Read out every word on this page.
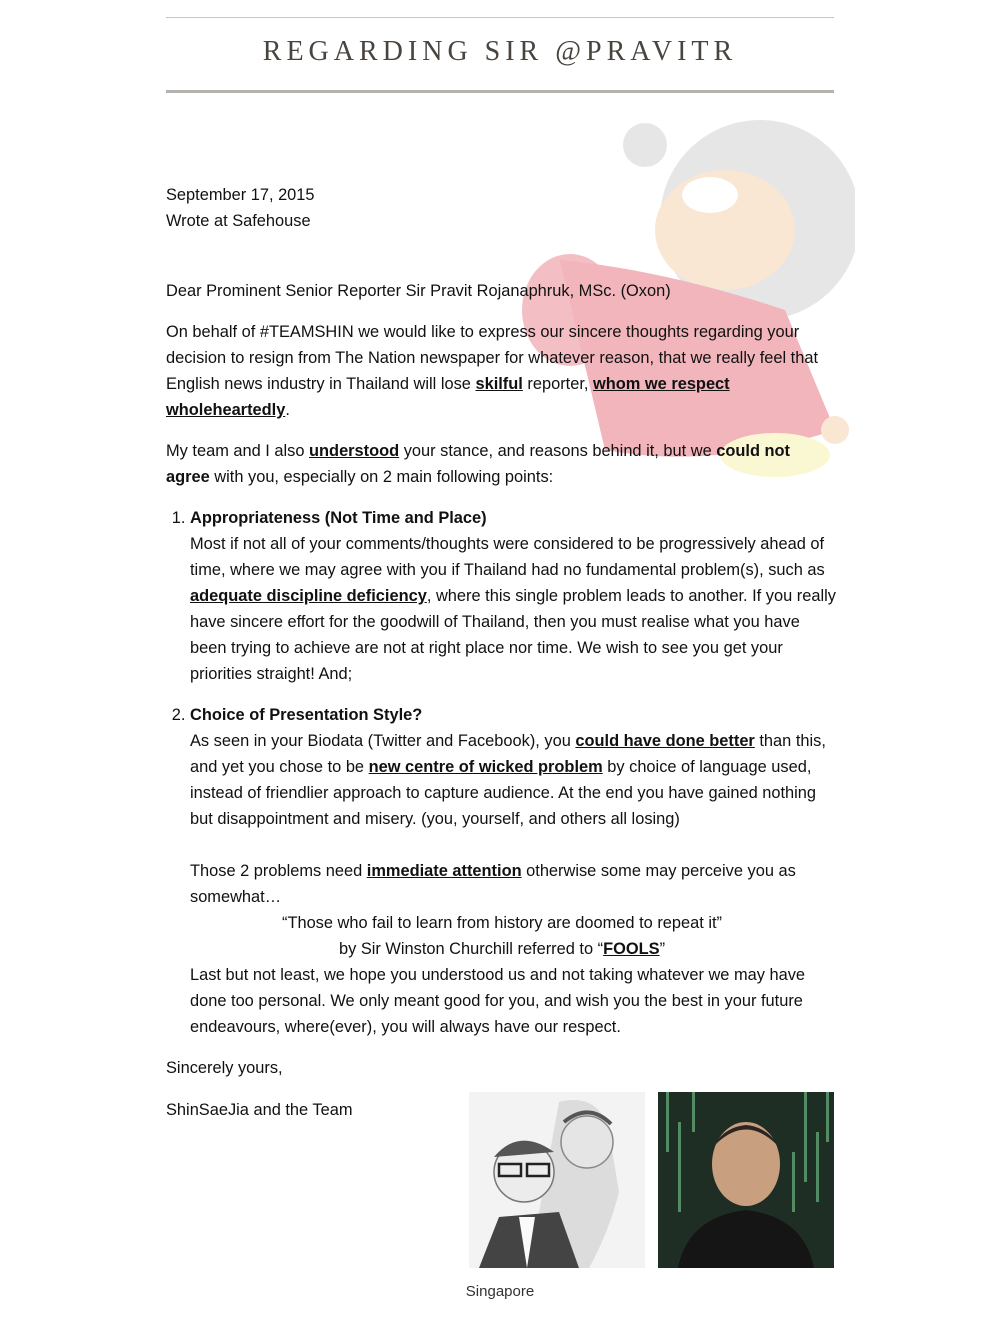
REGARDING SIR @PRAVITR

September 17, 2015

Wrote at Safehouse

Dear Prominent Senior Reporter Sir Pravit Rojanaphruk, MSc. (Oxon)

On behalf of #TEAMSHIN we would like to express our sincere thoughts regarding your decision to resign from The Nation newspaper for whatever reason, that we really feel that English news industry in Thailand will lose skilful reporter, whom we respect wholeheartedly.

My team and I also understood your stance, and reasons behind it, but we could not agree with you, especially on 2 main following points:

1. Appropriateness (Not Time and Place)
Most if not all of your comments/thoughts were considered to be progressively ahead of time, where we may agree with you if Thailand had no fundamental problem(s), such as adequate discipline deficiency, where this single problem leads to another. If you really have sincere effort for the goodwill of Thailand, then you must realise what you have been trying to achieve are not at right place nor time. We wish to see you get your priorities straight! And;
2. Choice of Presentation Style?
As seen in your Biodata (Twitter and Facebook), you could have done better than this, and yet you chose to be new centre of wicked problem by choice of language used, instead of friendlier approach to capture audience. At the end you have gained nothing but disappointment and misery. (you, yourself, and others all losing)
Those 2 problems need immediate attention otherwise some may perceive you as somewhat…

“Those who fail to learn from history are doomed to repeat it”
by Sir Winston Churchill referred to “FOOLS”

Last but not least, we hope you understood us and not taking whatever we may have done too personal. We only meant good for you, and wish you the best in your future endeavours, where(ever), you will always have our respect.

Sincerely yours,

ShinSaeJia and the Team

Singapore
